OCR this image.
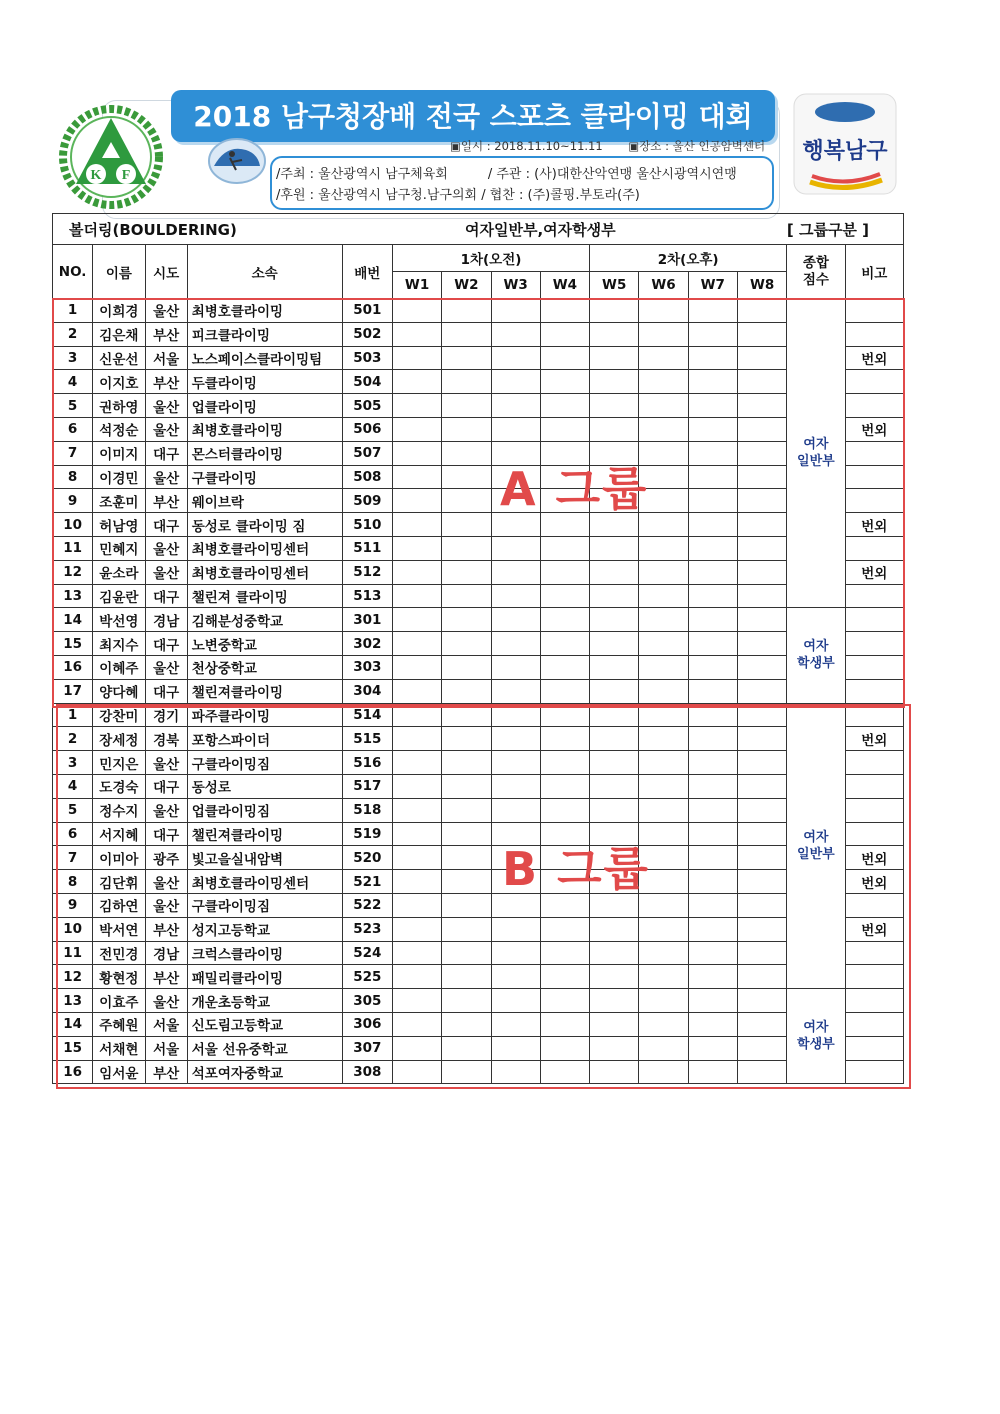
K F
2018 남구청장배 전국 스포츠 클라이밍 대회
▣일시 : 2018.11.10~11.11 ▣장소 : 울산 인공암벽센터
/주최 : 울산광역시 남구체육회	/ 주관 : (사)대한산악연맹 울산시광역시연맹
/후원 : 울산광역시 남구청.남구의회 / 협찬 : (주)콜핑.부토라(주)
행복남구
볼더링(BOULDERING)					여자일반부,여자학생부						[ 그룹구분 ]			
NO.	이름	시도	소속	배번	1차(오전)				2차(오후)				종합
점수	비고
					W1	W2	W3	W4	W5	W6	W7	W8		
1	이희경	울산	최병호클라이밍	501									여자
일반부	
2	김은채	부산	피크클라이밍	502										
3	신운선	서울	노스페이스클라이밍팀	503										번외
4	이지호	부산	두클라이밍	504										
5	권하영	울산	업클라이밍	505										
6	석정순	울산	최병호클라이밍	506										번외
7	이미지	대구	몬스터클라이밍	507										
8	이경민	울산	구클라이밍	508										
9	조훈미	부산	웨이브락	509										
10	허남영	대구	동성로 클라이밍 짐	510										번외
11	민혜지	울산	최병호클라이밍센터	511										
12	윤소라	울산	최병호클라이밍센터	512										번외
13	김윤란	대구	챌린져 클라이밍	513										
14	박선영	경남	김해분성중학교	301									여자
학생부	
15	최지수	대구	노변중학교	302										
16	이혜주	울산	천상중학교	303										
17	양다혜	대구	챌린져클라이밍	304										
1	강찬미	경기	파주클라이밍	514									여자
일반부	
2	장세정	경북	포항스파이더	515										번외
3	민지은	울산	구클라이밍짐	516										
4	도경숙	대구	동성로	517										
5	정수지	울산	업클라이밍짐	518										
6	서지혜	대구	챌린져클라이밍	519										
7	이미아	광주	빛고을실내암벽	520										번외
8	김단휘	울산	최병호클라이밍센터	521										번외
9	김하연	울산	구클라이밍짐	522										
10	박서연	부산	성지고등학교	523										번외
11	전민경	경남	크럭스클라이밍	524										
12	황현정	부산	패밀리클라이밍	525										
13	이효주	울산	개운초등학교	305									여자
학생부	
14	주혜원	서울	신도림고등학교	306										
15	서채현	서울	서울 선유중학교	307										
16	임서윤	부산	석포여자중학교	308										
A 그룹
B 그룹
